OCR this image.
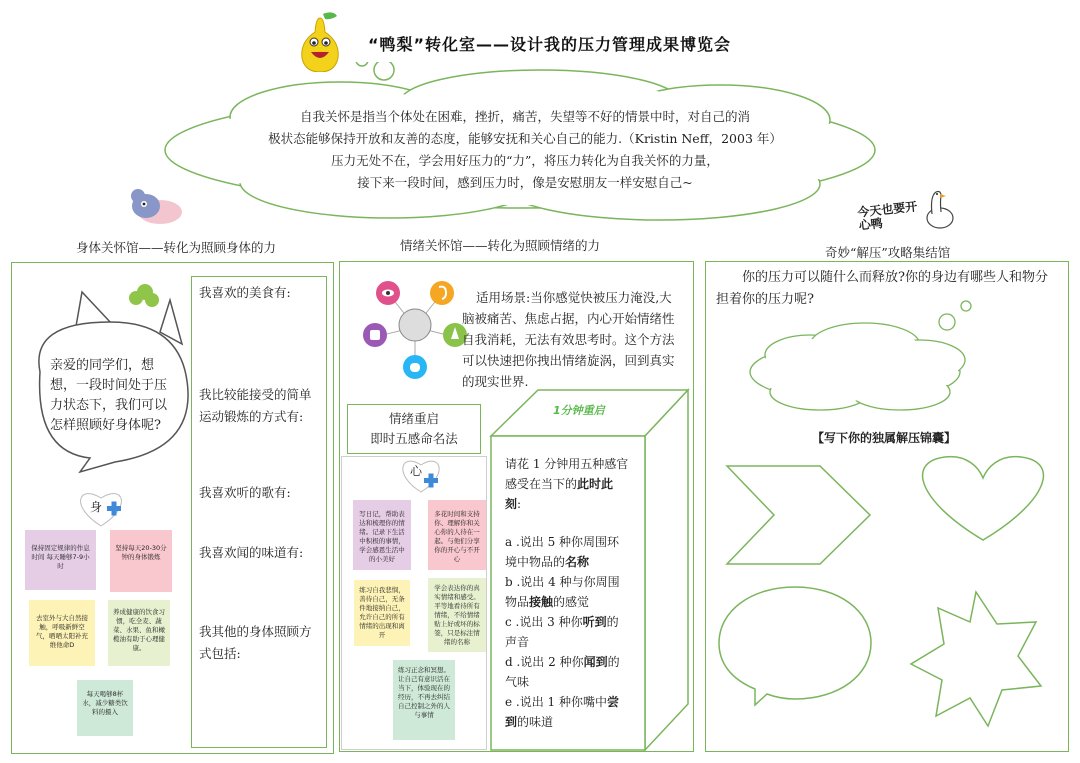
“鸭梨”转化室——设计我的压力管理成果博览会
自我关怀是指当个体处在困难，挫折，痛苦，失望等不好的情景中时，对自己的消
极状态能够保持开放和友善的态度，能够安抚和关心自己的能力.（Kristin Neff，2003 年）
压力无处不在，学会用好压力的“力”，将压力转化为自我关怀的力量，
接下来一段时间，感到压力时，像是安慰朋友一样安慰自己~
身体关怀馆——转化为照顾身体的力	情绪关怀馆——转化为照顾情绪的力	奇妙“解压”攻略集结馆
今天也要开心鸭
亲爱的同学们，想想，一段时间处于压力状态下，我们可以怎样照顾好身体呢?
身
保持固定规律的作息时间 每天睡够7-9小时
坚持每天20-30分钟的身体锻炼
去室外与大自然接触，呼吸新鲜空气，晒晒太阳补充维他命D
养成健康的饮食习惯，吃全麦、蔬菜、水果、鱼和橄榄油有助于心理健康。
每天喝够8杯水，减少糖类饮料的摄入
我喜欢的美食有:
我比较能接受的简单运动锻炼的方式有:
我喜欢听的歌有:
我喜欢闻的味道有:
我其他的身体照顾方式包括:
适用场景:当你感觉快被压力淹没,大脑被痛苦、焦虑占据，内心开始情绪性自我消耗，无法有效思考时。这个方法可以快速把你拽出情绪旋涡，回到真实的现实世界.
情绪重启
即时五感命名法
心
写日记，帮助表达和梳理你的情绪。记录下生活中积极的事情，学会感恩生活中的小美好
多花时间和支持你、理解你和关心你的人待在一起。与他们分享你的开心与不开心
练习自我悲悯，善待自己，无条件地接纳自己，允许自己的所有情绪的出现和离开
学会表达你的真实情绪和感受。平等地看待所有情绪，不给情绪贴上好或坏的标签，只是标注情绪的名称
练习正念和冥想。让自己有意识活在当下，体验现在的经历，不再去纠结自己控制之外的人与事情
1分钟重启
请花 1 分钟用五种感官感受在当下的此时此刻:
a .说出 5 种你周围环境中物品的名称
b .说出 4 种与你周围物品接触的感觉
c .说出 3 种你听到的声音
d .说出 2 种你闻到的气味
e .说出 1 种你嘴中尝到的味道
你的压力可以随什么而释放?你的身边有哪些人和物分担着你的压力呢?
【写下你的独属解压锦囊】
